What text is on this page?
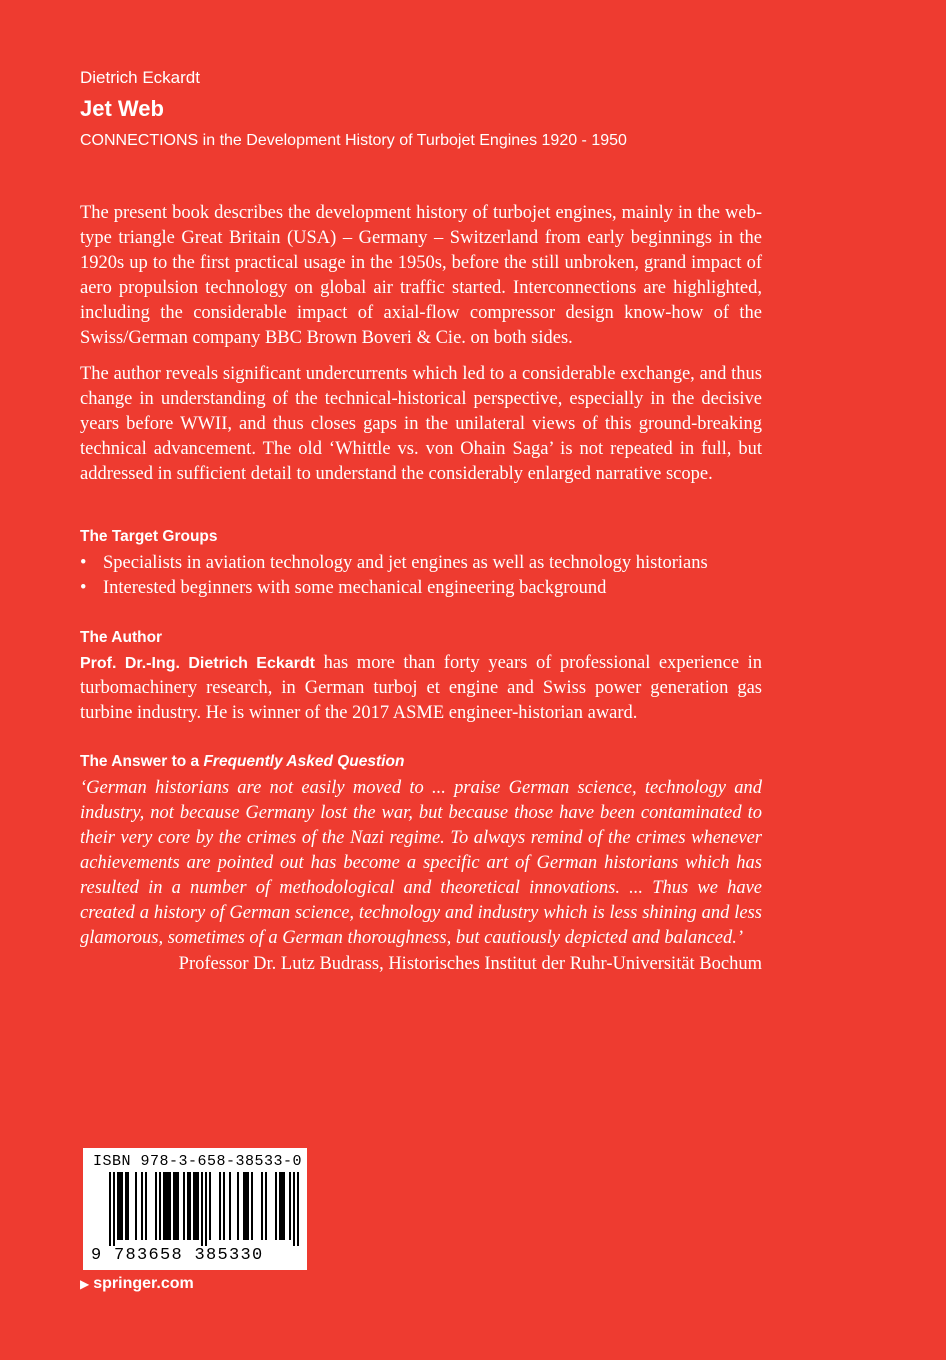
Dietrich Eckardt
Jet Web
CONNECTIONS in the Development History of Turbojet Engines 1920 - 1950

The present book describes the development history of turbojet engines, mainly in the web-type triangle Great Britain (USA) – Germany – Switzerland from early beginnings in the 1920s up to the first practical usage in the 1950s, before the still unbroken, grand impact of aero propulsion technology on global air traffic started. Interconnections are highlighted, including the considerable impact of axial-flow compressor design know-how of the Swiss/German company BBC Brown Boveri & Cie. on both sides.

The author reveals significant undercurrents which led to a considerable exchange, and thus change in understanding of the technical-historical perspective, especially in the decisive years before WWII, and thus closes gaps in the unilateral views of this ground-breaking technical advancement. The old ‘Whittle vs. von Ohain Saga’ is not repeated in full, but addressed in sufficient detail to understand the considerably enlarged narrative scope.

The Target Groups
• Specialists in aviation technology and jet engines as well as technology historians
• Interested beginners with some mechanical engineering background
The Author
Prof. Dr.-Ing. Dietrich Eckardt has more than forty years of professional experience in turbomachinery research, in German turboj et engine and Swiss power generation gas turbine industry. He is winner of the 2017 ASME engineer-historian award.
The Answer to a Frequently Asked Question

‘German historians are not easily moved to ... praise German science, technology and industry, not because Germany lost the war, but because those have been contaminated to their very core by the crimes of the Nazi regime. To always remind of the crimes whenever achievements are pointed out has become a specific art of German historians which has resulted in a number of methodological and theoretical innovations. ... Thus we have created a history of German science, technology and industry which is less shining and less glamorous, sometimes of a German thoroughness, but cautiously depicted and balanced.’

Professor Dr. Lutz Budrass, Historisches Institut der Ruhr-Universität Bochum
ISBN 978-3-658-38533-0
9 783658 385330
▶ springer.com
